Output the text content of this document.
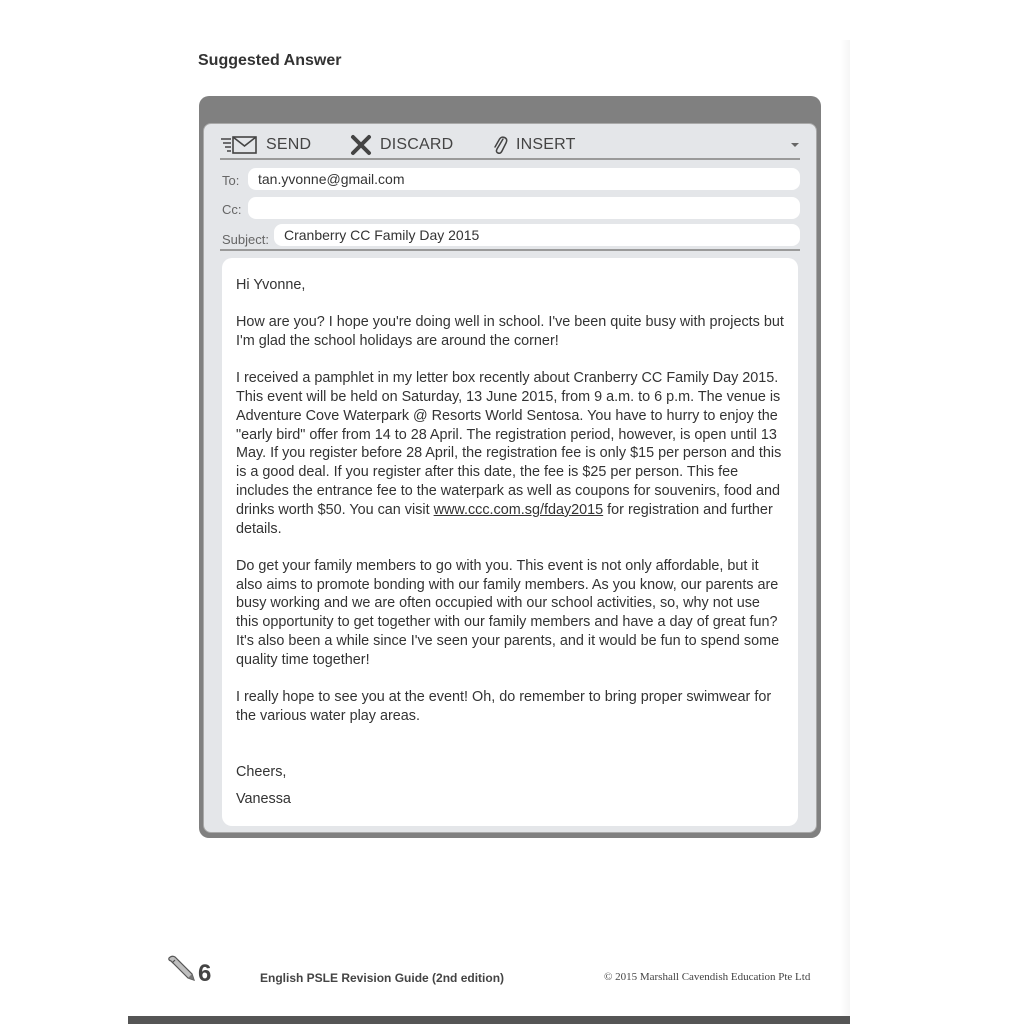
Suggested Answer
SEND	DISCARD	INSERT
To:	tan.yvonne@gmail.com
Cc:
Subject:	Cranberry CC Family Day 2015

Hi Yvonne,

How are you? I hope you're doing well in school. I've been quite busy with projects but I'm glad the school holidays are around the corner!

I received a pamphlet in my letter box recently about Cranberry CC Family Day 2015. This event will be held on Saturday, 13 June 2015, from 9 a.m. to 6 p.m. The venue is Adventure Cove Waterpark @ Resorts World Sentosa. You have to hurry to enjoy the "early bird" offer from 14 to 28 April. The registration period, however, is open until 13 May. If you register before 28 April, the registration fee is only $15 per person and this is a good deal. If you register after this date, the fee is $25 per person. This fee includes the entrance fee to the waterpark as well as coupons for souvenirs, food and drinks worth $50. You can visit www.ccc.com.sg/fday2015 for registration and further details.

Do get your family members to go with you. This event is not only affordable, but it also aims to promote bonding with our family members. As you know, our parents are busy working and we are often occupied with our school activities, so, why not use this opportunity to get together with our family members and have a day of great fun? It's also been a while since I've seen your parents, and it would be fun to spend some quality time together!

I really hope to see you at the event! Oh, do remember to bring proper swimwear for the various water play areas.

Cheers,

Vanessa

6	English PSLE Revision Guide (2nd edition)	© 2015 Marshall Cavendish Education Pte Ltd
